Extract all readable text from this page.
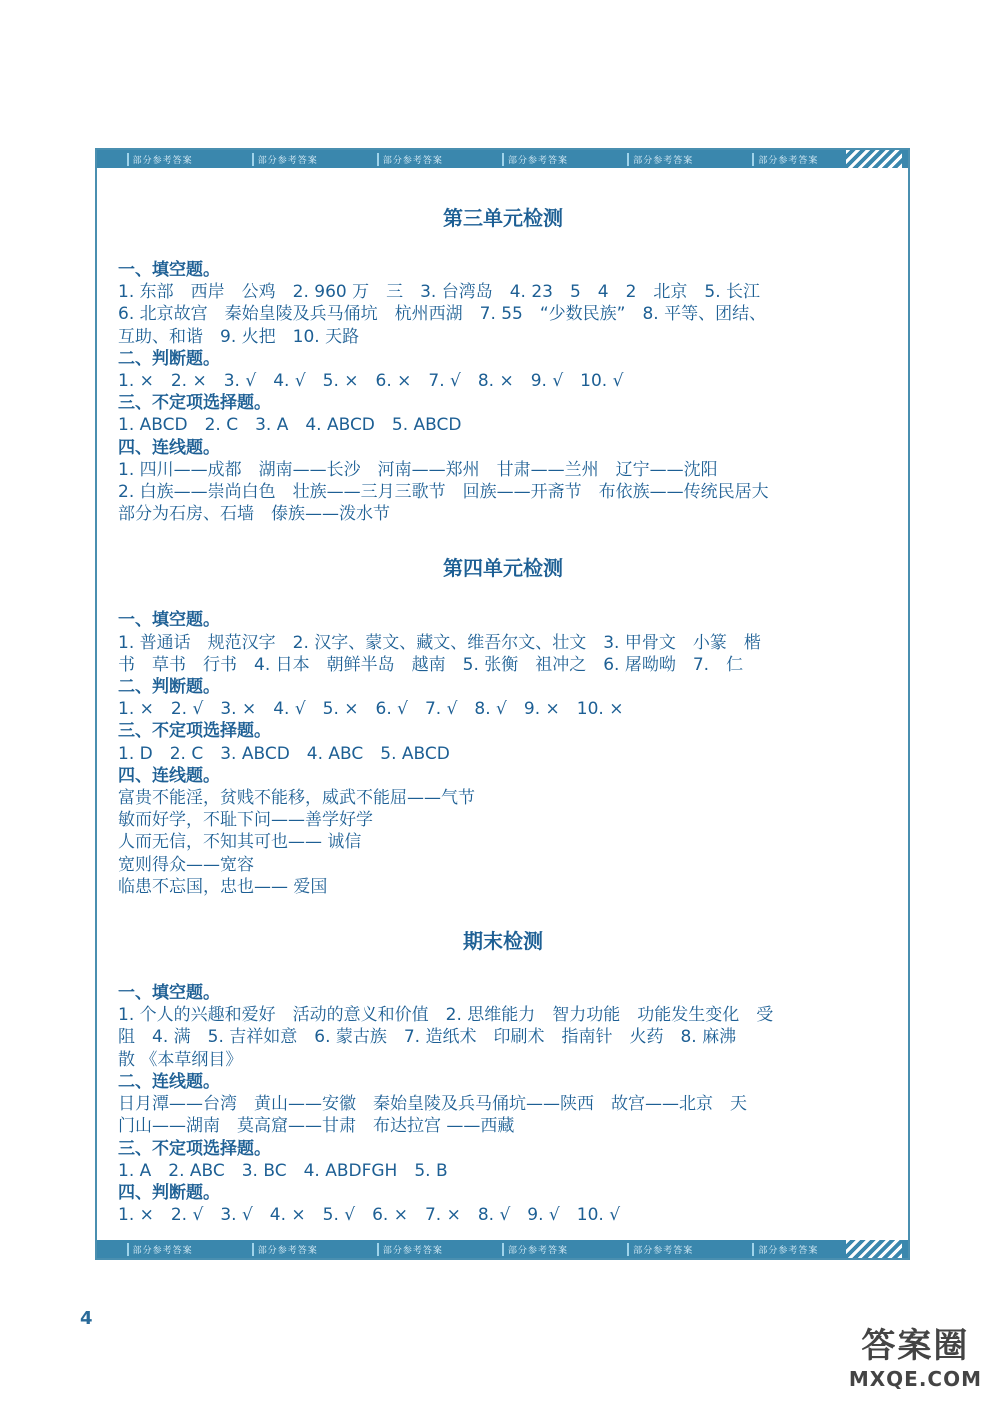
部分参考答案	部分参考答案	部分参考答案	部分参考答案	部分参考答案	部分参考答案
部分参考答案	部分参考答案	部分参考答案	部分参考答案	部分参考答案	部分参考答案
第三单元检测
一、填空题。
1. 东部　西岸　公鸡　2. 960 万　三　3. 台湾岛　4. 23　5　4　2　北京　5. 长江
6. 北京故宫　秦始皇陵及兵马俑坑　杭州西湖　7. 55　“少数民族”　8. 平等、团结、
互助、和谐　9. 火把　10. 天路
二、判断题。
1. ×　2. ×　3. √　4. √　5. ×　6. ×　7. √　8. ×　9. √　10. √
三、不定项选择题。
1. ABCD　2. C　3. A　4. ABCD　5. ABCD
四、连线题。
1. 四川——成都　湖南——长沙　河南——郑州　甘肃——兰州　辽宁——沈阳
2. 白族——崇尚白色　壮族——三月三歌节　回族——开斋节　布依族——传统民居大
部分为石房、石墙　傣族——泼水节
第四单元检测
一、填空题。
1. 普通话　规范汉字　2. 汉字、蒙文、藏文、维吾尔文、壮文　3. 甲骨文　小篆　楷
书　草书　行书　4. 日本　朝鲜半岛　越南　5. 张衡　祖冲之　6. 屠呦呦　7.　仁
二、判断题。
1. ×　2. √　3. ×　4. √　5. ×　6. √　7. √　8. √　9. ×　10. ×
三、不定项选择题。
1. D　2. C　3. ABCD　4. ABC　5. ABCD
四、连线题。
富贵不能淫，贫贱不能移，威武不能屈——气节
敏而好学，不耻下问——善学好学
人而无信，不知其可也—— 诚信
宽则得众——宽容
临患不忘国，忠也—— 爱国
期末检测
一、填空题。
1. 个人的兴趣和爱好　活动的意义和价值　2. 思维能力　智力功能　功能发生变化　受
阻　4. 满　5. 吉祥如意　6. 蒙古族　7. 造纸术　印刷术　指南针　火药　8. 麻沸
散 《本草纲目》
二、连线题。
日月潭——台湾　黄山——安徽　秦始皇陵及兵马俑坑——陕西　故宫——北京　天
门山——湖南　莫高窟——甘肃　布达拉宫 ——西藏
三、不定项选择题。
1. A　2. ABC　3. BC　4. ABDFGH　5. B
四、判断题。
1. ×　2. √　3. √　4. ×　5. √　6. ×　7. ×　8. √　9. √　10. √
4
答案圈
MXQE.COM
